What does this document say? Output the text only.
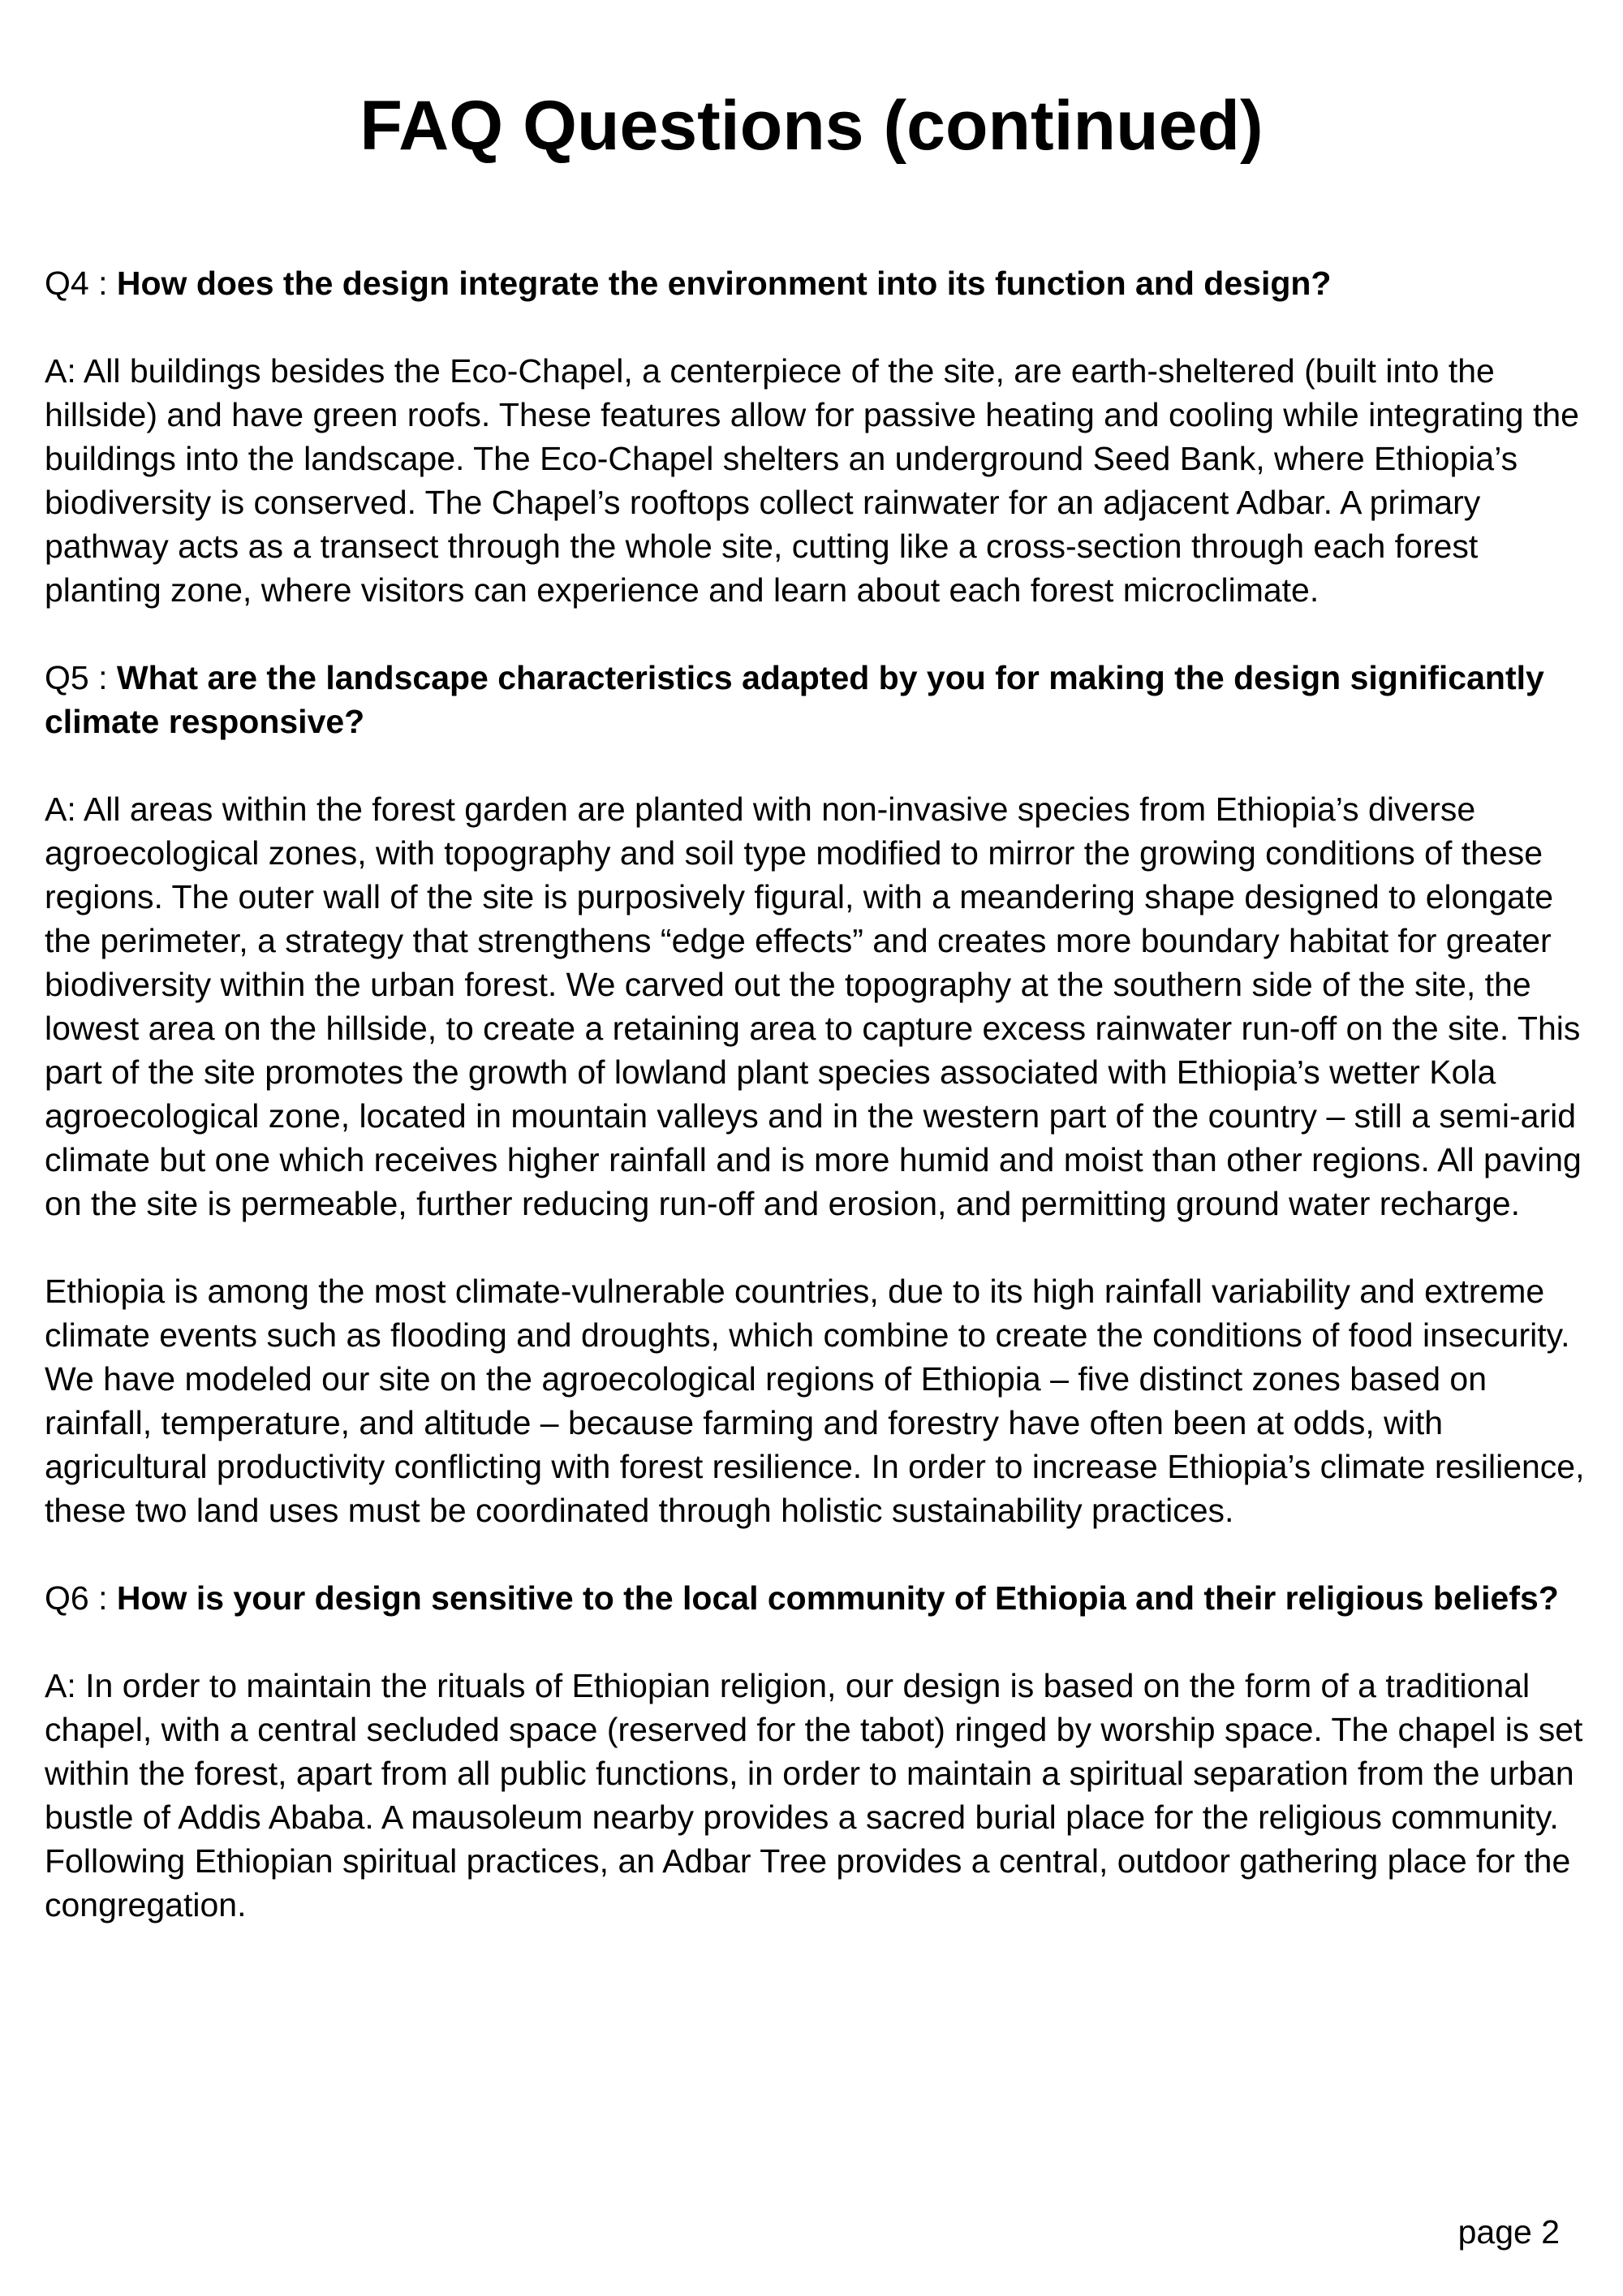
FAQ Questions (continued)

Q4 : How does the design integrate the environment into its function and design?

A: All buildings besides the Eco-Chapel, a centerpiece of the site, are earth-sheltered (built into the hillside) and have green roofs. These features allow for passive heating and cooling while integrating the buildings into the landscape. The Eco-Chapel shelters an underground Seed Bank, where Ethiopia’s biodiversity is conserved. The Chapel’s rooftops collect rainwater for an adjacent Adbar. A primary pathway acts as a transect through the whole site, cutting like a cross-section through each forest planting zone, where visitors can experience and learn about each forest microclimate.

Q5 : What are the landscape characteristics adapted by you for making the design significantly climate responsive?

A: All areas within the forest garden are planted with non-invasive species from Ethiopia’s diverse agroecological zones, with topography and soil type modified to mirror the growing conditions of these regions. The outer wall of the site is purposively figural, with a meandering shape designed to elongate the perimeter, a strategy that strengthens “edge effects” and creates more boundary habitat for greater biodiversity within the urban forest. We carved out the topography at the southern side of the site, the lowest area on the hillside, to create a retaining area to capture excess rainwater run-off on the site. This part of the site promotes the growth of lowland plant species associated with Ethiopia’s wetter Kola agroecological zone, located in mountain valleys and in the western part of the country – still a semi-arid climate but one which receives higher rainfall and is more humid and moist than other regions. All paving on the site is permeable, further reducing run-off and erosion, and permitting ground water recharge.

Ethiopia is among the most climate-vulnerable countries, due to its high rainfall variability and extreme climate events such as flooding and droughts, which combine to create the conditions of food insecurity. We have modeled our site on the agroecological regions of Ethiopia – five distinct zones based on rainfall, temperature, and altitude – because farming and forestry have often been at odds, with agricultural productivity conflicting with forest resilience. In order to increase Ethiopia’s climate resilience, these two land uses must be coordinated through holistic sustainability practices.

Q6 : How is your design sensitive to the local community of Ethiopia and their religious beliefs?

A: In order to maintain the rituals of Ethiopian religion, our design is based on the form of a traditional chapel, with a central secluded space (reserved for the tabot) ringed by worship space. The chapel is set within the forest, apart from all public functions, in order to maintain a spiritual separation from the urban bustle of Addis Ababa. A mausoleum nearby provides a sacred burial place for the religious community. Following Ethiopian spiritual practices, an Adbar Tree provides a central, outdoor gathering place for the congregation.

page 2
